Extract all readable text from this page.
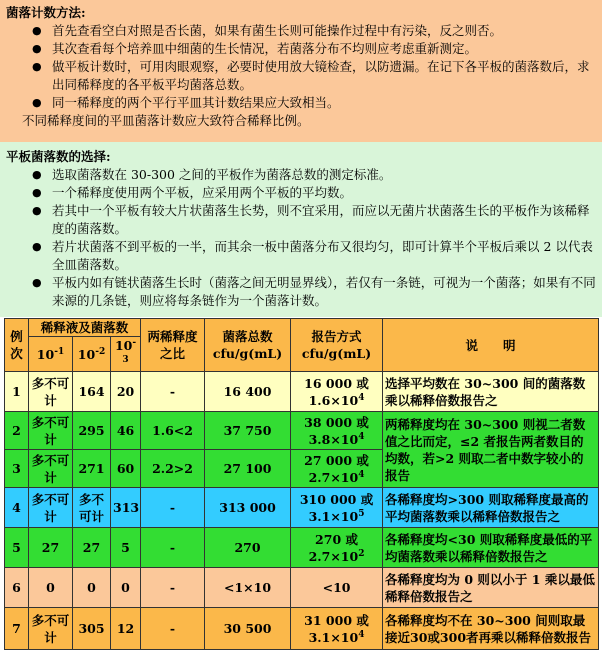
菌落计数方法:

● 首先查看空白对照是否长菌，如果有菌生长则可能操作过程中有污染，反之则否。
● 其次查看每个培养皿中细菌的生长情况，若菌落分布不均则应考虑重新测定。
● 做平板计数时，可用肉眼观察，必要时使用放大镜检查，以防遗漏。在记下各平板的菌落数后，求出同稀释度的各平板平均菌落总数。
● 同一稀释度的两个平行平皿其计数结果应大致相当。
不同稀释度间的平皿菌落计数应大致符合稀释比例。

平板菌落数的选择:

● 选取菌落数在 30-300 之间的平板作为菌落总数的测定标准。
● 一个稀释度使用两个平板，应采用两个平板的平均数。
● 若其中一个平板有较大片状菌落生长势，则不宜采用，而应以无菌片状菌落生长的平板作为该稀释度的菌落数。
● 若片状菌落不到平板的一半，而其余一板中菌落分布又很均匀，即可计算半个平板后乘以 2 以代表全皿菌落数。
● 平板内如有链状菌落生长时（菌落之间无明显界线），若仅有一条链，可视为一个菌落；如果有不同来源的几条链，则应将每条链作为一个菌落计数。
例次	稀释液及菌落数			两稀释度之比	菌落总数 cfu/g(mL)	报告方式 cfu/g(mL)	说　　明
	$10^{-1}$	$10^{-2}$	$10^{-3}$
1	多不可计	164	20	-	16 400	16 000 或
$1.6\times 10^4$	选择平均数在 30~300 间的菌落数乘以稀释倍数报告之
2	多不可计	295	46	1.6<2	37 750	38 000 或
$3.8\times 10^4$	两稀释度均在 30~300 则视二者数值之比而定，≤2 者报告两者数目的均数，若>2 则取二者中数字较小的报告
3	多不可计	271	60	2.2>2	27 100	27 000 或
$2.7\times 10^4$
4	多不可计	多不可计	313	-	313 000	310 000 或
$3.1\times 10^5$	各稀释度均>300 则取稀释度最高的平均菌落数乘以稀释倍数报告之
5	27	27	5	-	270	270 或
$2.7\times 10^2$	各稀释度均<30 则取稀释度最低的平均菌落数乘以稀释倍数报告之
6	0	0	0	-	<1×10	<10	各稀释度均为 0 则以小于 1 乘以最低稀释倍数报告之
7	多不可计	305	12	-	30 500	31 000 或
$3.1\times 10^4$	各稀释度均不在 30~300 间则取最接近30或300者再乘以稀释倍数报告
